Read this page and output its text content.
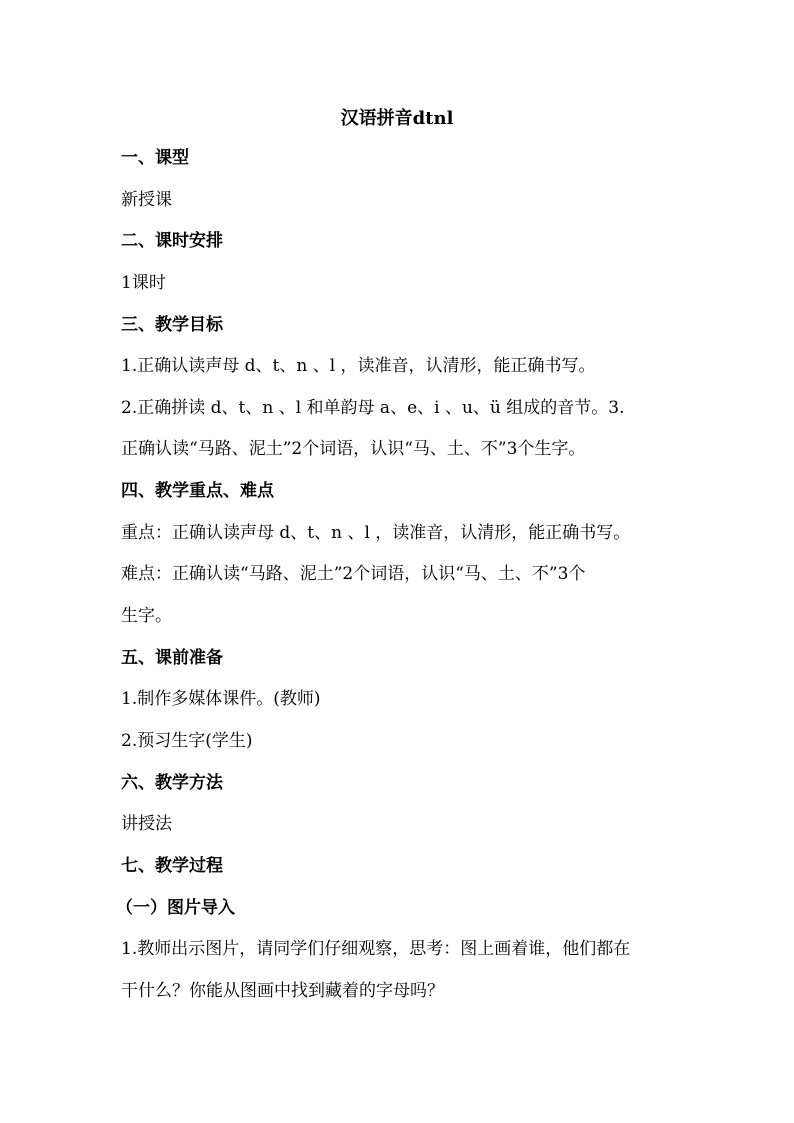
汉语拼音dtnl
一、课型
新授课
二、课时安排
1课时
三、教学目标
1.正确认读声母 d、t、n 、l ，读准音，认清形，能正确书写。
2.正确拼读 d、t、n 、l 和单韵母 a、e、i 、u、ü 组成的音节。3.
正确认读“马路、泥土”2个词语，认识“马、土、不”3个生字。
四、教学重点、难点
重点：正确认读声母 d、t、n 、l ，读准音，认清形，能正确书写。
难点：正确认读“马路、泥土”2个词语，认识“马、土、不”3个
生字。
五、课前准备
1.制作多媒体课件。(教师)
2.预习生字(学生)
六、教学方法
讲授法
七、教学过程
（一）图片导入
1.教师出示图片，请同学们仔细观察，思考：图上画着谁，他们都在
干什么？你能从图画中找到藏着的字母吗？
